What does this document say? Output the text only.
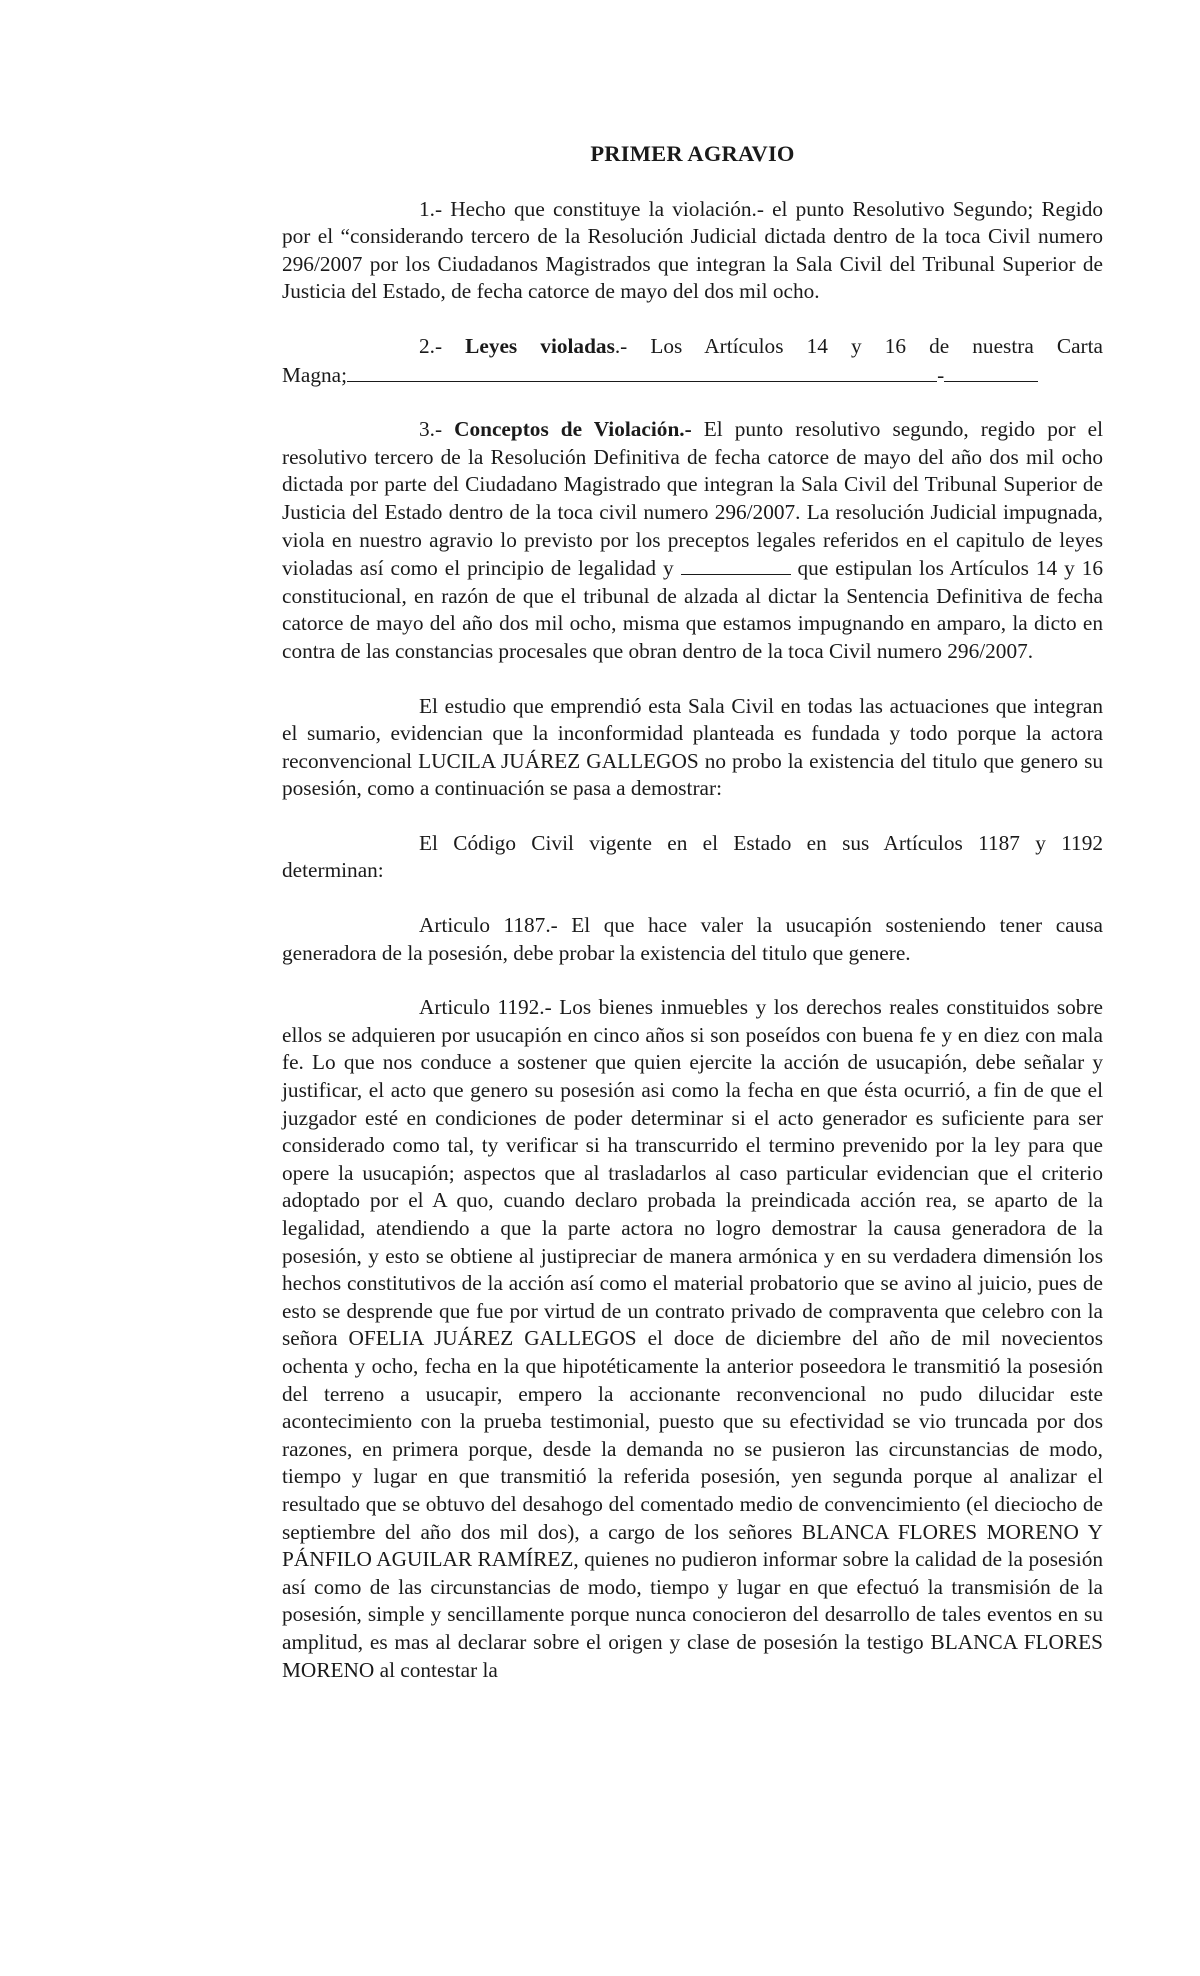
PRIMER AGRAVIO

1.- Hecho que constituye la violación.- el punto Resolutivo Segundo; Regido por el “considerando tercero de la Resolución Judicial dictada dentro de la toca Civil numero 296/2007 por los Ciudadanos Magistrados que integran la Sala Civil del Tribunal Superior de Justicia del Estado, de fecha catorce de mayo del dos mil ocho.

2.- Leyes violadas.- Los Artículos 14 y 16 de nuestra Carta

Magna;	-

3.- Conceptos de Violación.- El punto resolutivo segundo, regido por el resolutivo tercero de la Resolución Definitiva de fecha catorce de mayo del año dos mil ocho dictada por parte del Ciudadano Magistrado que integran la Sala Civil del Tribunal Superior de Justicia del Estado dentro de la toca civil numero 296/2007. La resolución Judicial impugnada, viola en nuestro agravio lo previsto por los preceptos legales referidos en el capitulo de leyes violadas así como el principio de legalidad y	que estipulan los Artículos 14 y 16 constitucional, en razón de que el tribunal de alzada al dictar la Sentencia Definitiva de fecha catorce de mayo del año dos mil ocho, misma que estamos impugnando en amparo, la dicto en contra de las constancias procesales que obran dentro de la toca Civil numero 296/2007.

El estudio que emprendió esta Sala Civil en todas las actuaciones que integran el sumario, evidencian que la inconformidad planteada es fundada y todo porque la actora reconvencional LUCILA JUÁREZ GALLEGOS no probo la existencia del titulo que genero su posesión, como a continuación se pasa a demostrar:

El Código Civil vigente en el Estado en sus Artículos 1187 y 1192

determinan:

Articulo 1187.- El que hace valer la usucapión sosteniendo tener causa generadora de la posesión, debe probar la existencia del titulo que genere.

Articulo 1192.- Los bienes inmuebles y los derechos reales constituidos sobre ellos se adquieren por usucapión en cinco años si son poseídos con buena fe y en diez con mala fe. Lo que nos conduce a sostener que quien ejercite la acción de usucapión, debe señalar y justificar, el acto que genero su posesión asi como la fecha en que ésta ocurrió, a fin de que el juzgador esté en condiciones de poder determinar si el acto generador es suficiente para ser considerado como tal, ty verificar si ha transcurrido el termino prevenido por la ley para que opere la usucapión; aspectos que al trasladarlos al caso particular evidencian que el criterio adoptado por el A quo, cuando declaro probada la preindicada acción rea, se aparto de la legalidad, atendiendo a que la parte actora no logro demostrar la causa generadora de la posesión, y esto se obtiene al justipreciar de manera armónica y en su verdadera dimensión los hechos constitutivos de la acción así como el material probatorio que se avino al juicio, pues de esto se desprende que fue por virtud de un contrato privado de compraventa que celebro con la señora OFELIA JUÁREZ GALLEGOS el doce de diciembre del año de mil novecientos ochenta y ocho, fecha en la que hipotéticamente la anterior poseedora le transmitió la posesión del terreno a usucapir, empero la accionante reconvencional no pudo dilucidar este acontecimiento con la prueba testimonial, puesto que su efectividad se vio truncada por dos razones, en primera porque, desde la demanda no se pusieron las circunstancias de modo, tiempo y lugar en que transmitió la referida posesión, yen segunda porque al analizar el resultado que se obtuvo del desahogo del comentado medio de convencimiento (el dieciocho de septiembre del año dos mil dos), a cargo de los señores BLANCA FLORES MORENO Y PÁNFILO AGUILAR RAMÍREZ, quienes no pudieron informar sobre la calidad de la posesión así como de las circunstancias de modo, tiempo y lugar en que efectuó la transmisión de la posesión, simple y sencillamente porque nunca conocieron del desarrollo de tales eventos en su amplitud, es mas al declarar sobre el origen y clase de posesión la testigo BLANCA FLORES MORENO al contestar la
